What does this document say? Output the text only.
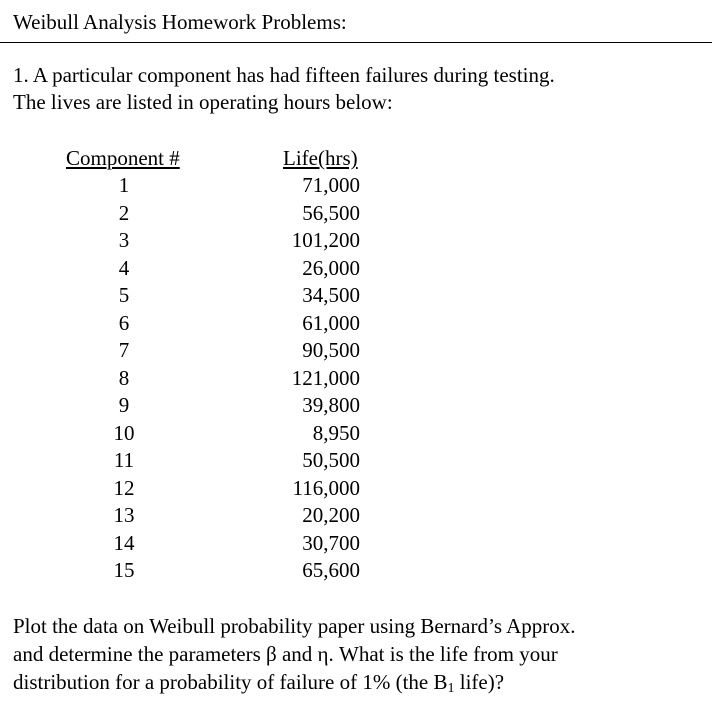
Weibull Analysis Homework Problems:
1. A particular component has had fifteen failures during testing.
The lives are listed in operating hours below:
Component #	Life(hrs)
1
2
3
4
5
6
7
8
9
10
11
12
13
14
15
71,000
56,500
101,200
26,000
34,500
61,000
90,500
121,000
39,800
8,950
50,500
116,000
20,200
30,700
65,600
Plot the data on Weibull probability paper using Bernard’s Approx.
and determine the parameters β and η. What is the life from your
distribution for a probability of failure of 1% (the $B_1$ life)?
